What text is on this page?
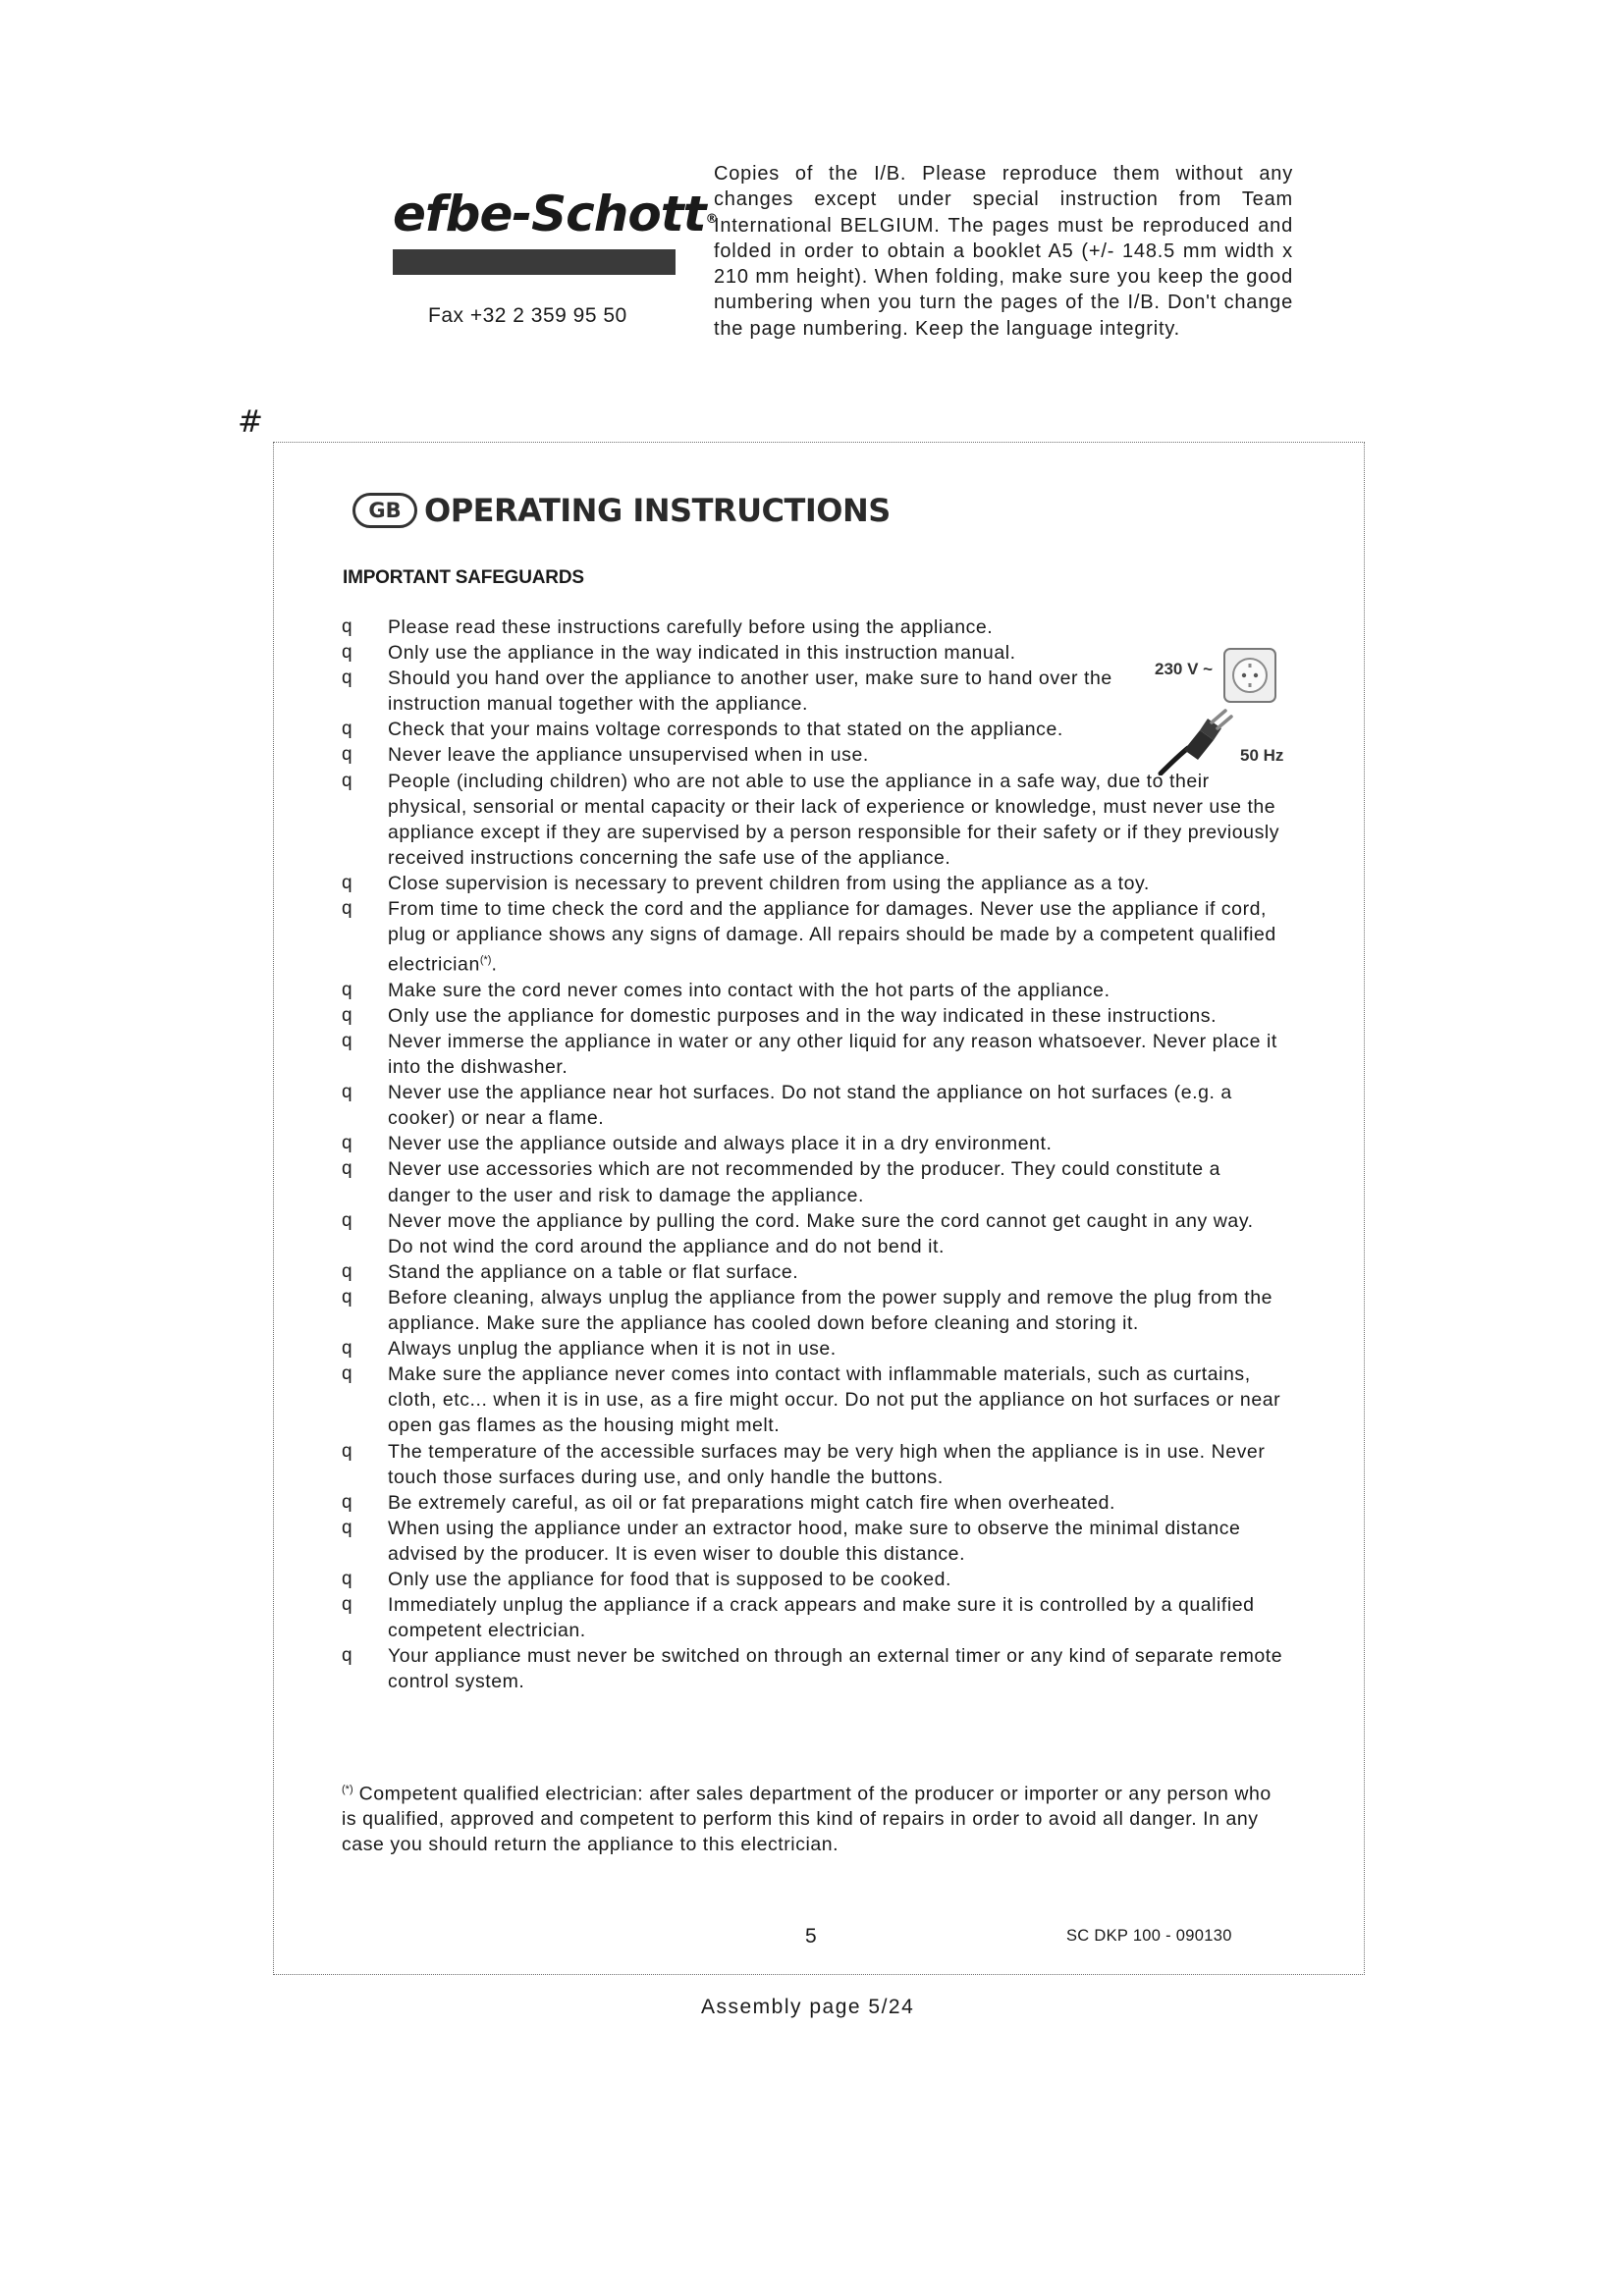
efbe-Schott®
Fax +32 2 359 95 50
Copies of the I/B. Please reproduce them without any changes except under special instruction from Team International BELGIUM. The pages must be reproduced and folded in order to obtain a booklet A5 (+/- 148.5 mm width x 210 mm height). When folding, make sure you keep the good numbering when you turn the pages of the I/B. Don't change the page numbering. Keep the language integrity.
#
GB OPERATING INSTRUCTIONS
IMPORTANT SAFEGUARDS
230 V ~
50 Hz
q Please read these instructions carefully before using the appliance.
q Only use the appliance in the way indicated in this instruction manual.
q Should you hand over the appliance to another user, make sure to hand over the instruction manual together with the appliance.
q Check that your mains voltage corresponds to that stated on the appliance.
q Never leave the appliance unsupervised when in use.
q People (including children) who are not able to use the appliance in a safe way, due to their physical, sensorial or mental capacity or their lack of experience or knowledge, must never use the appliance except if they are supervised by a person responsible for their safety or if they previously received instructions concerning the safe use of the appliance.
q Close supervision is necessary to prevent children from using the appliance as a toy.
q From time to time check the cord and the appliance for damages. Never use the appliance if cord, plug or appliance shows any signs of damage. All repairs should be made by a competent qualified electrician(*).
q Make sure the cord never comes into contact with the hot parts of the appliance.
q Only use the appliance for domestic purposes and in the way indicated in these instructions.
q Never immerse the appliance in water or any other liquid for any reason whatsoever. Never place it into the dishwasher.
q Never use the appliance near hot surfaces. Do not stand the appliance on hot surfaces (e.g. a cooker) or near a flame.
q Never use the appliance outside and always place it in a dry environment.
q Never use accessories which are not recommended by the producer. They could constitute a danger to the user and risk to damage the appliance.
q Never move the appliance by pulling the cord. Make sure the cord cannot get caught in any way. Do not wind the cord around the appliance and do not bend it.
q Stand the appliance on a table or flat surface.
q Before cleaning, always unplug the appliance from the power supply and remove the plug from the appliance. Make sure the appliance has cooled down before cleaning and storing it.
q Always unplug the appliance when it is not in use.
q Make sure the appliance never comes into contact with inflammable materials, such as curtains, cloth, etc... when it is in use, as a fire might occur. Do not put the appliance on hot surfaces or near open gas flames as the housing might melt.
q The temperature of the accessible surfaces may be very high when the appliance is in use. Never touch those surfaces during use, and only handle the buttons.
q Be extremely careful, as oil or fat preparations might catch fire when overheated.
q When using the appliance under an extractor hood, make sure to observe the minimal distance advised by the producer. It is even wiser to double this distance.
q Only use the appliance for food that is supposed to be cooked.
q Immediately unplug the appliance if a crack appears and make sure it is controlled by a qualified competent electrician.
q Your appliance must never be switched on through an external timer or any kind of separate remote control system.
(*) Competent qualified electrician: after sales department of the producer or importer or any person who is qualified, approved and competent to perform this kind of repairs in order to avoid all danger. In any case you should return the appliance to this electrician.
5	SC DKP 100 - 090130
Assembly page 5/24
